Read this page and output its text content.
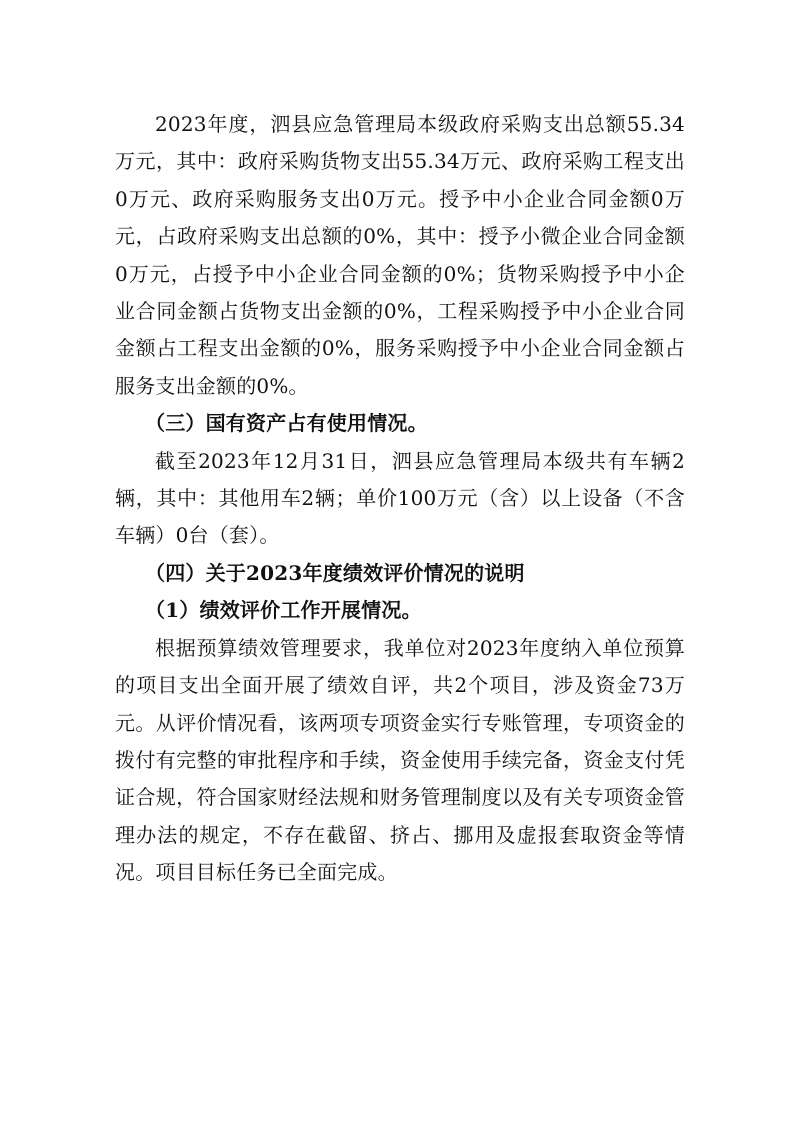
2023年度，泗县应急管理局本级政府采购支出总额55.34万元，其中：政府采购货物支出55.34万元、政府采购工程支出0万元、政府采购服务支出0万元。授予中小企业合同金额0万元，占政府采购支出总额的0%，其中：授予小微企业合同金额0万元，占授予中小企业合同金额的0%；货物采购授予中小企业合同金额占货物支出金额的0%，工程采购授予中小企业合同金额占工程支出金额的0%，服务采购授予中小企业合同金额占服务支出金额的0%。

（三）国有资产占有使用情况。

截至2023年12月31日，泗县应急管理局本级共有车辆2辆，其中：其他用车2辆；单价100万元（含）以上设备（不含车辆）0台（套）。

（四）关于2023年度绩效评价情况的说明

（1）绩效评价工作开展情况。

根据预算绩效管理要求，我单位对2023年度纳入单位预算的项目支出全面开展了绩效自评，共2个项目，涉及资金73万元。从评价情况看，该两项专项资金实行专账管理，专项资金的拨付有完整的审批程序和手续，资金使用手续完备，资金支付凭证合规，符合国家财经法规和财务管理制度以及有关专项资金管理办法的规定，不存在截留、挤占、挪用及虚报套取资金等情况。项目目标任务已全面完成。
